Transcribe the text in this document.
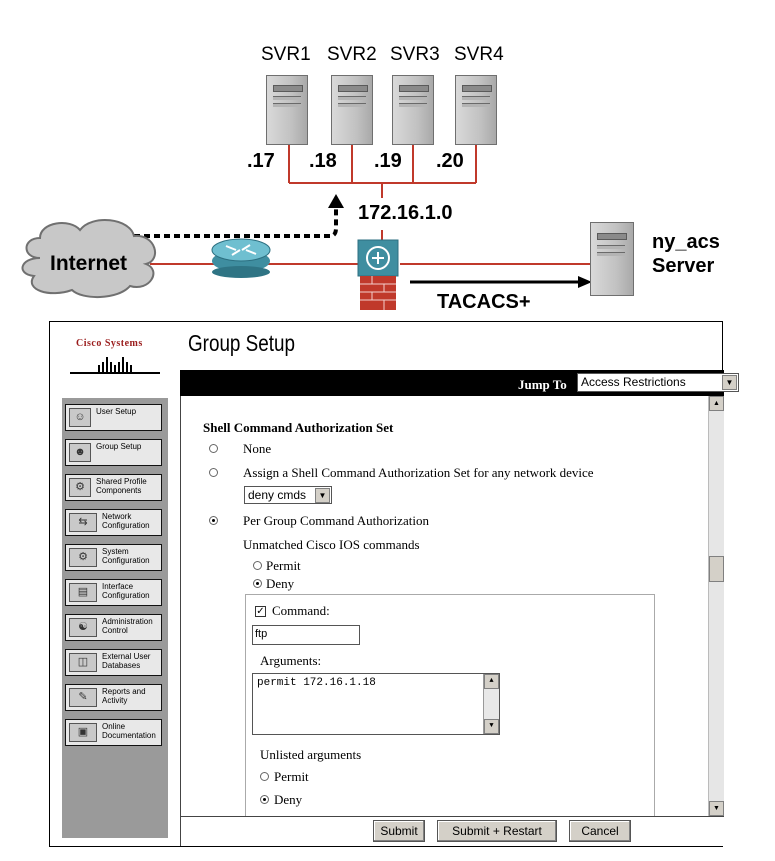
SVR1 SVR2 SVR3 SVR4
.17 .18 .19 .20
172.16.1.0
Internet
ny_acs
Server
TACACS+
Cisco Systems
☺	User Setup
☻	Group Setup
⚙	Shared Profile Components
⇆	Network Configuration
⚙	System Configuration
▤	Interface Configuration
☯	Administration Control
◫	External User Databases
✎	Reports and Activity
▣	Online Documentation
Group Setup
Jump To	Access Restrictions	▼
Shell Command Authorization Set
None
Assign a Shell Command Authorization Set for any network device
deny cmds	▼
Per Group Command Authorization
Unmatched Cisco IOS commands
Permit
Deny
✓ Command:
ftp
Arguments:
permit 172.16.1.18	▲
▼
Unlisted arguments
Permit
Deny
▲
▼
Submit	Submit + Restart	Cancel
